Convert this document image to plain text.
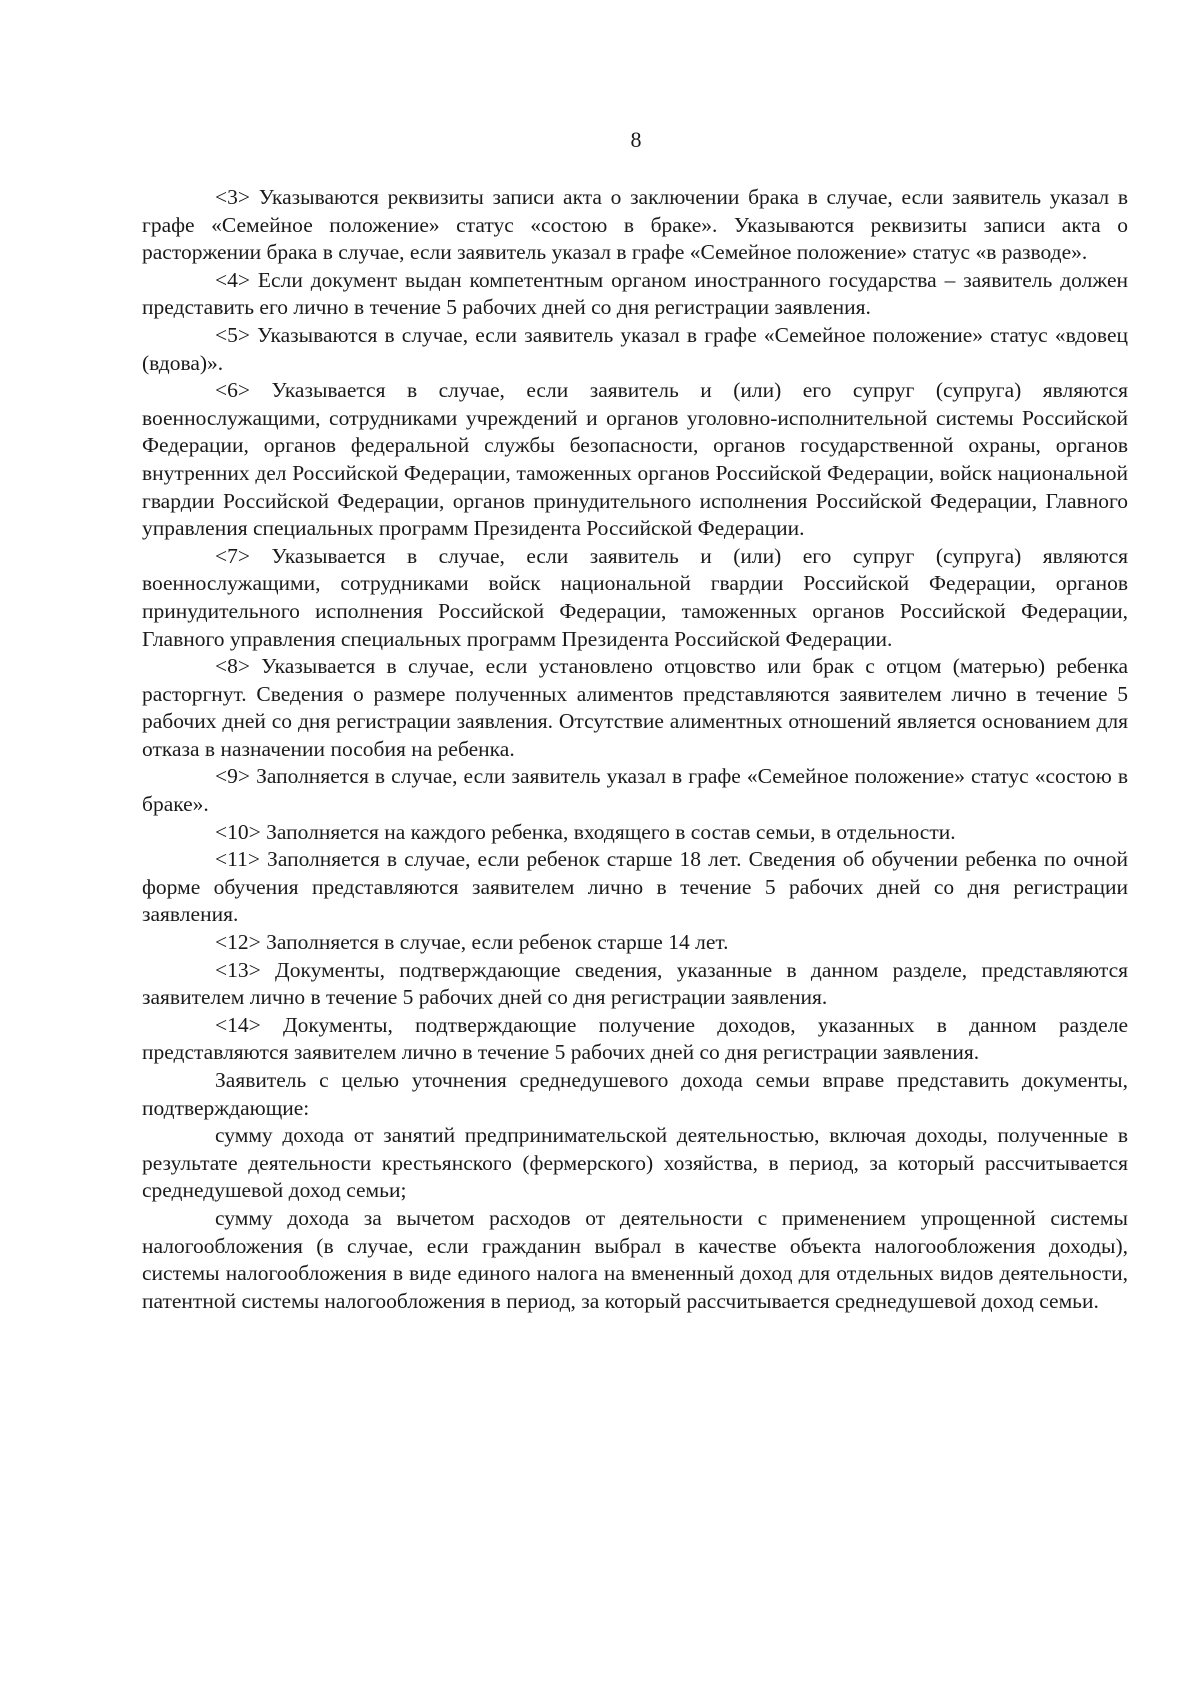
8

<3> Указываются реквизиты записи акта о заключении брака в случае, если заявитель указал в графе «Семейное положение» статус «состою в браке». Указываются реквизиты записи акта о расторжении брака в случае, если заявитель указал в графе «Семейное положение» статус «в разводе».

<4> Если документ выдан компетентным органом иностранного государства – заявитель должен представить его лично в течение 5 рабочих дней со дня регистрации заявления.

<5> Указываются в случае, если заявитель указал в графе «Семейное положение» статус «вдовец (вдова)».

<6> Указывается в случае, если заявитель и (или) его супруг (супруга) являются военнослужащими, сотрудниками учреждений и органов уголовно-исполнительной системы Российской Федерации, органов федеральной службы безопасности, органов государственной охраны, органов внутренних дел Российской Федерации, таможенных органов Российской Федерации, войск национальной гвардии Российской Федерации, органов принудительного исполнения Российской Федерации, Главного управления специальных программ Президента Российской Федерации.

<7> Указывается в случае, если заявитель и (или) его супруг (супруга) являются военнослужащими, сотрудниками войск национальной гвардии Российской Федерации, органов принудительного исполнения Российской Федерации, таможенных органов Российской Федерации, Главного управления специальных программ Президента Российской Федерации.

<8> Указывается в случае, если установлено отцовство или брак с отцом (матерью) ребенка расторгнут. Сведения о размере полученных алиментов представляются заявителем лично в течение 5 рабочих дней со дня регистрации заявления. Отсутствие алиментных отношений является основанием для отказа в назначении пособия на ребенка.

<9> Заполняется в случае, если заявитель указал в графе «Семейное положение» статус «состою в браке».

<10> Заполняется на каждого ребенка, входящего в состав семьи, в отдельности.

<11> Заполняется в случае, если ребенок старше 18 лет. Сведения об обучении ребенка по очной форме обучения представляются заявителем лично в течение 5 рабочих дней со дня регистрации заявления.

<12> Заполняется в случае, если ребенок старше 14 лет.

<13> Документы, подтверждающие сведения, указанные в данном разделе, представляются заявителем лично в течение 5 рабочих дней со дня регистрации заявления.

<14> Документы, подтверждающие получение доходов, указанных в данном разделе представляются заявителем лично в течение 5 рабочих дней со дня регистрации заявления.

Заявитель с целью уточнения среднедушевого дохода семьи вправе представить документы, подтверждающие:

сумму дохода от занятий предпринимательской деятельностью, включая доходы, полученные в результате деятельности крестьянского (фермерского) хозяйства, в период, за который рассчитывается среднедушевой доход семьи;

сумму дохода за вычетом расходов от деятельности с применением упрощенной системы налогообложения (в случае, если гражданин выбрал в качестве объекта налогообложения доходы), системы налогообложения в виде единого налога на вмененный доход для отдельных видов деятельности, патентной системы налогообложения в период, за который рассчитывается среднедушевой доход семьи.
